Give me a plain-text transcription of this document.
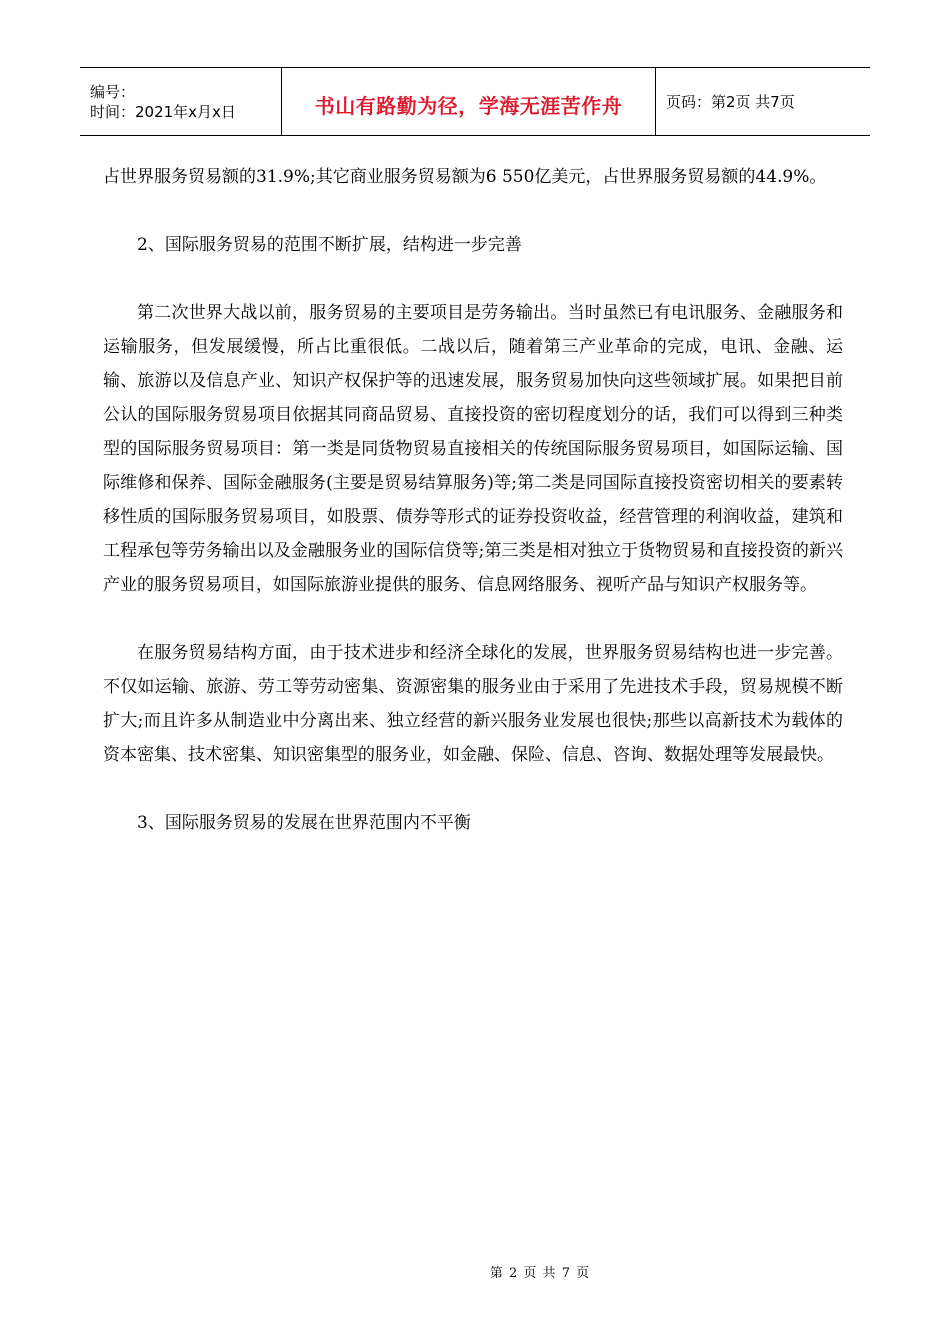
编号：
时间：2021年x月x日	书山有路勤为径，学海无涯苦作舟	页码：第2页 共7页

占世界服务贸易额的31.9%;其它商业服务贸易额为6 550亿美元，占世界服务贸易额的44.9%。

2、国际服务贸易的范围不断扩展，结构进一步完善

第二次世界大战以前，服务贸易的主要项目是劳务输出。当时虽然已有电讯服务、金融服务和运输服务，但发展缓慢，所占比重很低。二战以后，随着第三产业革命的完成，电讯、金融、运输、旅游以及信息产业、知识产权保护等的迅速发展，服务贸易加快向这些领域扩展。如果把目前公认的国际服务贸易项目依据其同商品贸易、直接投资的密切程度划分的话，我们可以得到三种类型的国际服务贸易项目：第一类是同货物贸易直接相关的传统国际服务贸易项目，如国际运输、国际维修和保养、国际金融服务(主要是贸易结算服务)等;第二类是同国际直接投资密切相关的要素转移性质的国际服务贸易项目，如股票、债券等形式的证券投资收益，经营管理的利润收益，建筑和工程承包等劳务输出以及金融服务业的国际信贷等;第三类是相对独立于货物贸易和直接投资的新兴产业的服务贸易项目，如国际旅游业提供的服务、信息网络服务、视听产品与知识产权服务等。

在服务贸易结构方面，由于技术进步和经济全球化的发展，世界服务贸易结构也进一步完善。不仅如运输、旅游、劳工等劳动密集、资源密集的服务业由于采用了先进技术手段，贸易规模不断扩大;而且许多从制造业中分离出来、独立经营的新兴服务业发展也很快;那些以高新技术为载体的资本密集、技术密集、知识密集型的服务业，如金融、保险、信息、咨询、数据处理等发展最快。

3、国际服务贸易的发展在世界范围内不平衡

第 2 页 共 7 页
